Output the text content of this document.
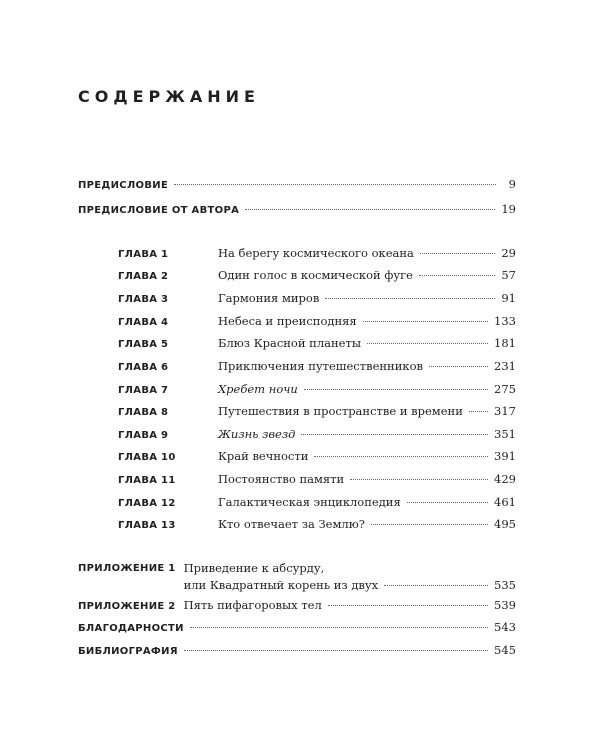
СОДЕРЖАНИЕ
ПРЕДИСЛОВИЕ	9
ПРЕДИСЛОВИЕ ОТ АВТОРА	19
ГЛАВА 1	На берегу космического океана	29
ГЛАВА 2	Один голос в космической фуге	57
ГЛАВА 3	Гармония миров	91
ГЛАВА 4	Небеса и преисподняя	133
ГЛАВА 5	Блюз Красной планеты	181
ГЛАВА 6	Приключения путешественников	231
ГЛАВА 7	Хребет ночи	275
ГЛАВА 8	Путешествия в пространстве и времени	317
ГЛАВА 9	Жизнь звезд	351
ГЛАВА 10	Край вечности	391
ГЛАВА 11	Постоянство памяти	429
ГЛАВА 12	Галактическая энциклопедия	461
ГЛАВА 13	Кто отвечает за Землю?	495
ПРИЛОЖЕНИЕ 1 Приведение к абсурду,
или Квадратный корень из двух	535
ПРИЛОЖЕНИЕ 2 Пять пифагоровых тел	539
БЛАГОДАРНОСТИ	543
БИБЛИОГРАФИЯ	545
